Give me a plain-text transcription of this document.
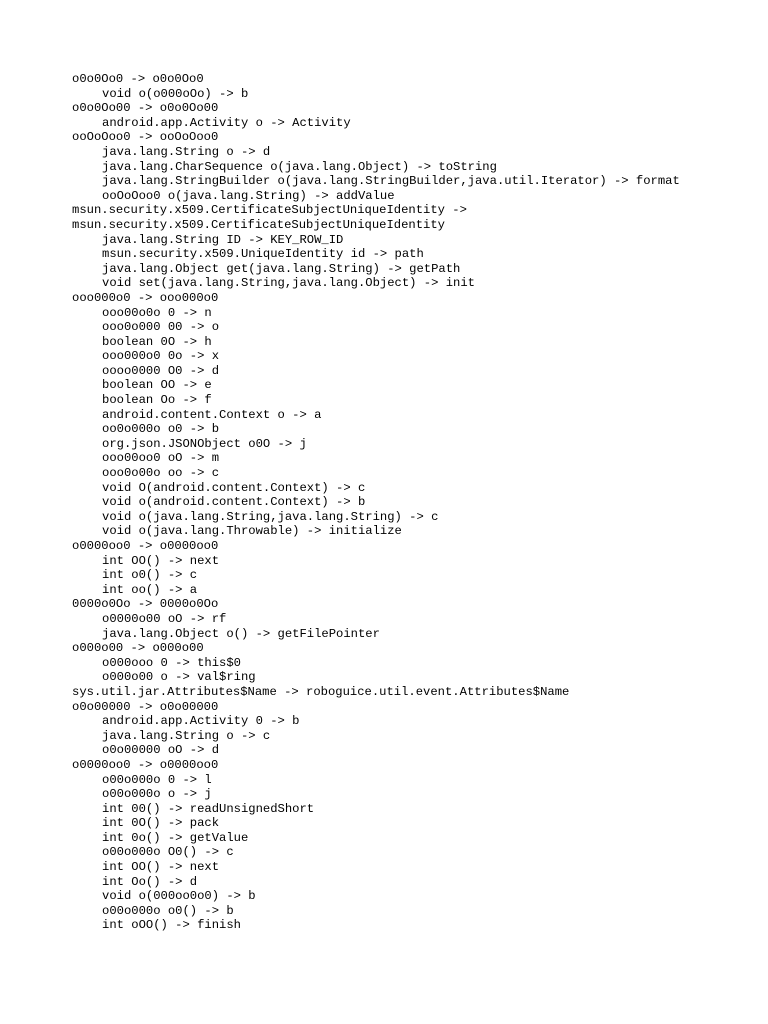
o0o0Oo0 -> o0o0Oo0
void o(o000oOo) -> b
o0o0Oo00 -> o0o0Oo00
android.app.Activity o -> Activity
ooOoOoo0 -> ooOoOoo0
java.lang.String o -> d
java.lang.CharSequence o(java.lang.Object) -> toString
java.lang.StringBuilder o(java.lang.StringBuilder,java.util.Iterator) -> format
ooOoOoo0 o(java.lang.String) -> addValue
msun.security.x509.CertificateSubjectUniqueIdentity ->
msun.security.x509.CertificateSubjectUniqueIdentity
java.lang.String ID -> KEY_ROW_ID
msun.security.x509.UniqueIdentity id -> path
java.lang.Object get(java.lang.String) -> getPath
void set(java.lang.String,java.lang.Object) -> init
ooo000o0 -> ooo000o0
ooo00o0o 0 -> n
ooo0o000 00 -> o
boolean 0O -> h
ooo000o0 0o -> x
oooo0000 O0 -> d
boolean OO -> e
boolean Oo -> f
android.content.Context o -> a
oo0o000o o0 -> b
org.json.JSONObject o0O -> j
ooo00oo0 oO -> m
ooo0o00o oo -> c
void O(android.content.Context) -> c
void o(android.content.Context) -> b
void o(java.lang.String,java.lang.String) -> c
void o(java.lang.Throwable) -> initialize
o0000oo0 -> o0000oo0
int OO() -> next
int o0() -> c
int oo() -> a
0000o0Oo -> 0000o0Oo
o0000o00 oO -> rf
java.lang.Object o() -> getFilePointer
o000o00 -> o000o00
o000ooo 0 -> this$0
o000o00 o -> val$ring
sys.util.jar.Attributes$Name -> roboguice.util.event.Attributes$Name
o0o00000 -> o0o00000
android.app.Activity 0 -> b
java.lang.String o -> c
o0o00000 oO -> d
o0000oo0 -> o0000oo0
o00o000o 0 -> l
o00o000o o -> j
int 00() -> readUnsignedShort
int 0O() -> pack
int 0o() -> getValue
o00o000o O0() -> c
int OO() -> next
int Oo() -> d
void o(000oo0o0) -> b
o00o000o o0() -> b
int oOO() -> finish
